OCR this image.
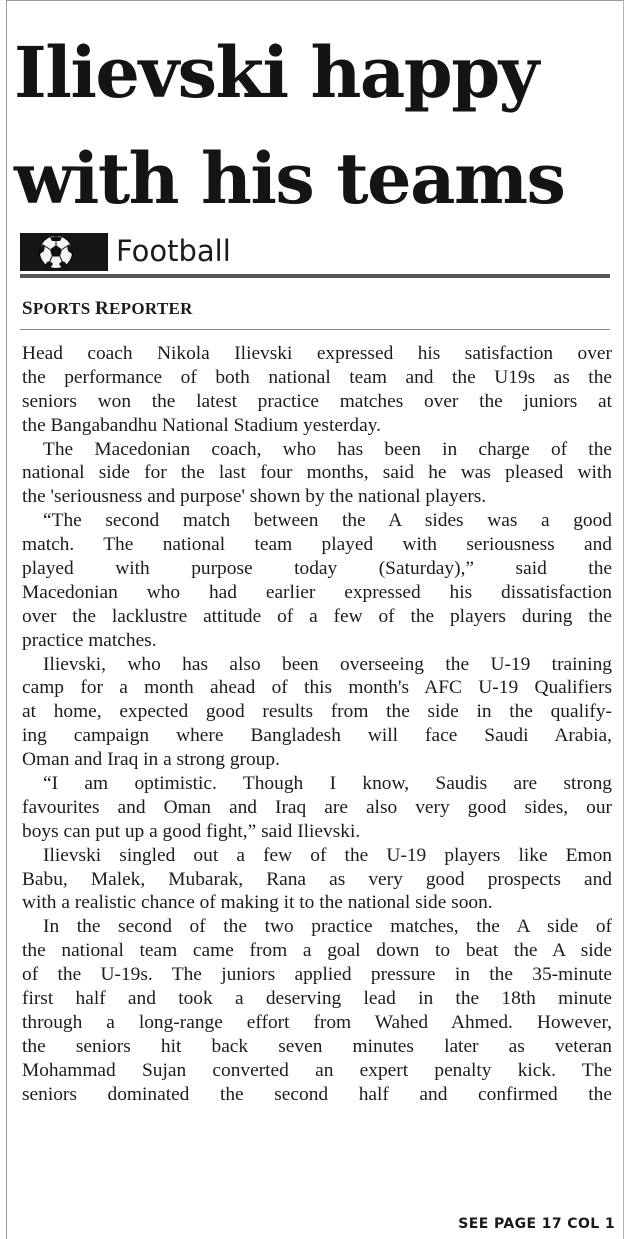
Ilievski happy
with his teams
Football
SPORTS REPORTER
Head coach Nikola Ilievski expressed his satisfaction over
the performance of both national team and the U19s as the
seniors won the latest practice matches over the juniors at
the Bangabandhu National Stadium yesterday.
The Macedonian coach, who has been in charge of the
national side for the last four months, said he was pleased with
the 'seriousness and purpose' shown by the national players.
“The second match between the A sides was a good
match. The national team played with seriousness and
played with purpose today (Saturday),” said the
Macedonian who had earlier expressed his dissatisfaction
over the lacklustre attitude of a few of the players during the
practice matches.
Ilievski, who has also been overseeing the U-19 training
camp for a month ahead of this month's AFC U-19 Qualifiers
at home, expected good results from the side in the qualify-
ing campaign where Bangladesh will face Saudi Arabia,
Oman and Iraq in a strong group.
“I am optimistic. Though I know, Saudis are strong
favourites and Oman and Iraq are also very good sides, our
boys can put up a good fight,” said Ilievski.
Ilievski singled out a few of the U-19 players like Emon
Babu, Malek, Mubarak, Rana as very good prospects and
with a realistic chance of making it to the national side soon.
In the second of the two practice matches, the A side of
the national team came from a goal down to beat the A side
of the U-19s. The juniors applied pressure in the 35-minute
first half and took a deserving lead in the 18th minute
through a long-range effort from Wahed Ahmed. However,
the seniors hit back seven minutes later as veteran
Mohammad Sujan converted an expert penalty kick. The
seniors dominated the second half and confirmed the
SEE PAGE 17 COL 1
